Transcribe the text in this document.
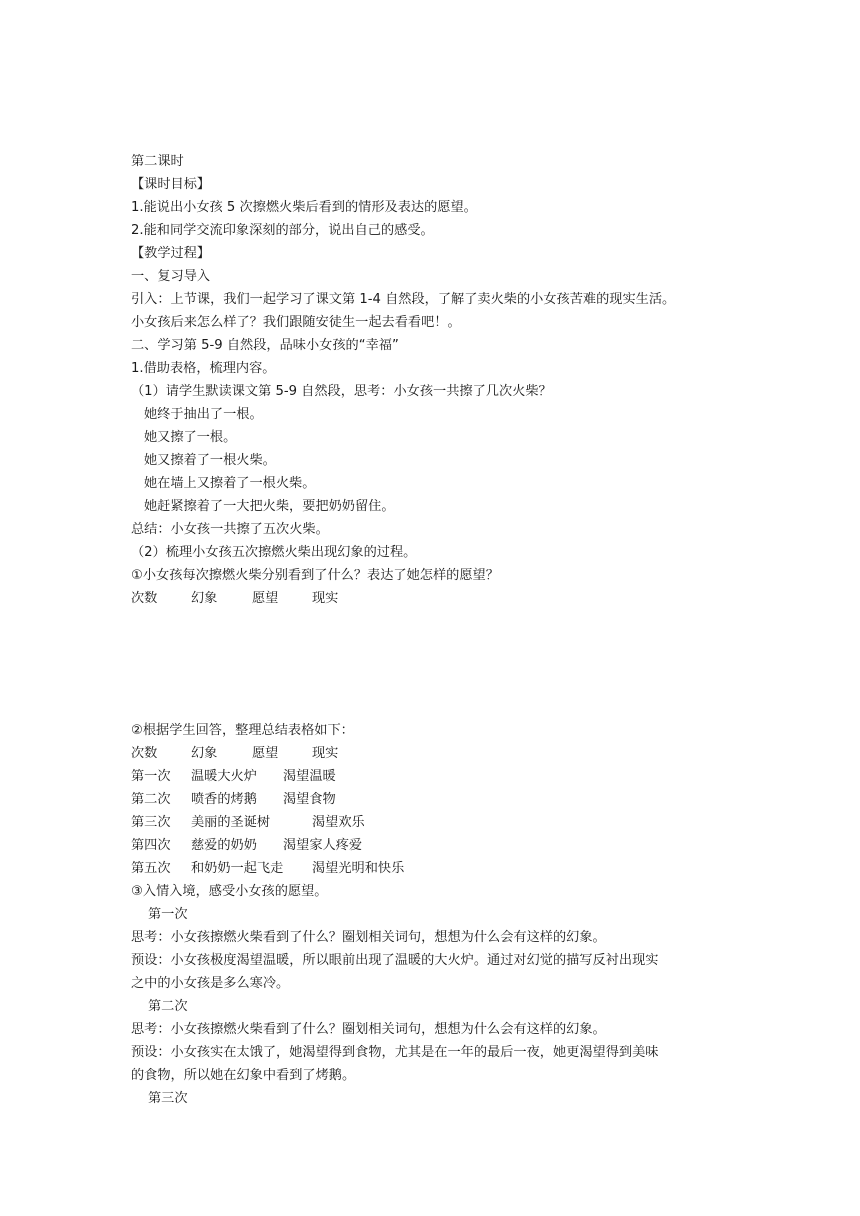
第二课时
【课时目标】
1.能说出小女孩 5 次擦燃火柴后看到的情形及表达的愿望。
2.能和同学交流印象深刻的部分，说出自己的感受。
【教学过程】
一、复习导入
引入：上节课，我们一起学习了课文第 1-4 自然段，了解了卖火柴的小女孩苦难的现实生活。
小女孩后来怎么样了？我们跟随安徒生一起去看看吧！。
二、学习第 5-9 自然段，品味小女孩的“幸福”
1.借助表格，梳理内容。
（1）请学生默读课文第 5-9 自然段，思考：小女孩一共擦了几次火柴？
她终于抽出了一根。
她又擦了一根。
她又擦着了一根火柴。
她在墙上又擦着了一根火柴。
她赶紧擦着了一大把火柴，要把奶奶留住。
总结：小女孩一共擦了五次火柴。
（2）梳理小女孩五次擦燃火柴出现幻象的过程。
①小女孩每次擦燃火柴分别看到了什么？表达了她怎样的愿望？
次数	幻象	愿望	现实
②根据学生回答，整理总结表格如下：
次数	幻象	愿望	现实
第一次 温暖大火炉 渴望温暖
第二次 喷香的烤鹅 渴望食物
第三次 美丽的圣诞树	渴望欢乐
第四次 慈爱的奶奶 渴望家人疼爱
第五次 和奶奶一起飞走 渴望光明和快乐
③入情入境，感受小女孩的愿望。
第一次
思考：小女孩擦燃火柴看到了什么？圈划相关词句，想想为什么会有这样的幻象。
预设：小女孩极度渴望温暖，所以眼前出现了温暖的大火炉。通过对幻觉的描写反衬出现实
之中的小女孩是多么寒冷。
第二次
思考：小女孩擦燃火柴看到了什么？圈划相关词句，想想为什么会有这样的幻象。
预设：小女孩实在太饿了，她渴望得到食物，尤其是在一年的最后一夜，她更渴望得到美味
的食物，所以她在幻象中看到了烤鹅。
第三次
